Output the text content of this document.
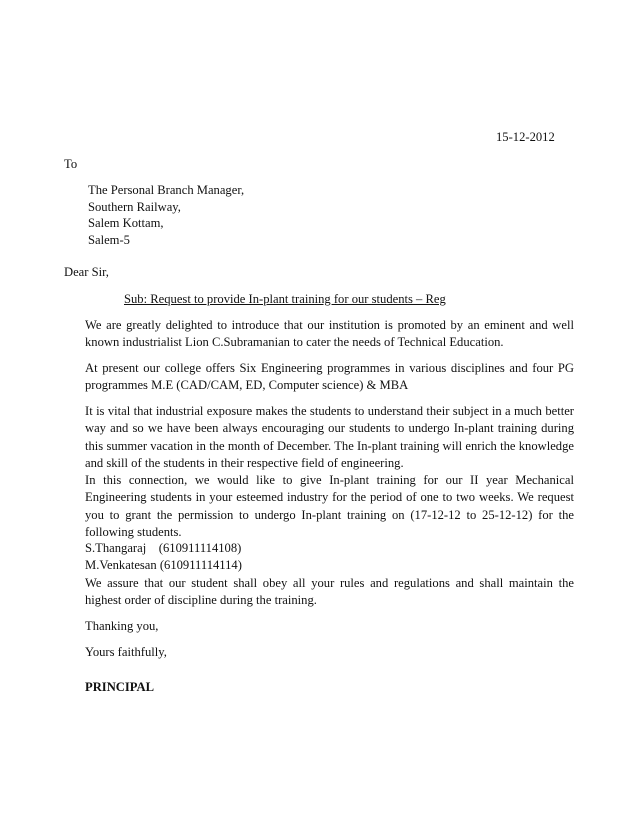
15-12-2012
To
The Personal Branch Manager,
Southern Railway,
Salem Kottam,
Salem-5
Dear Sir,
Sub: Request to provide In-plant training for our students – Reg
We are greatly delighted to introduce that our institution is promoted by an eminent and well
known industrialist Lion C.Subramanian to cater the needs of Technical Education.
At present our college offers Six Engineering programmes in various disciplines and four PG
programmes M.E (CAD/CAM, ED, Computer science) & MBA
It is vital that industrial exposure makes the students to understand their subject in a much better
way and so we have been always encouraging our students to undergo In-plant training during
this summer vacation in the month of December. The In-plant training will enrich the knowledge
and skill of the students in their respective field of engineering.
In this connection, we would like to give In-plant training for our II year Mechanical
Engineering students in your esteemed industry for the period of one to two weeks. We request
you to grant the permission to undergo In-plant training on (17-12-12 to 25-12-12) for the
following students.
S.Thangaraj    (610911114108)
M.Venkatesan (610911114114)
We assure that our student shall obey all your rules and regulations and shall maintain the
highest order of discipline during the training.
Thanking you,
Yours faithfully,
PRINCIPAL
